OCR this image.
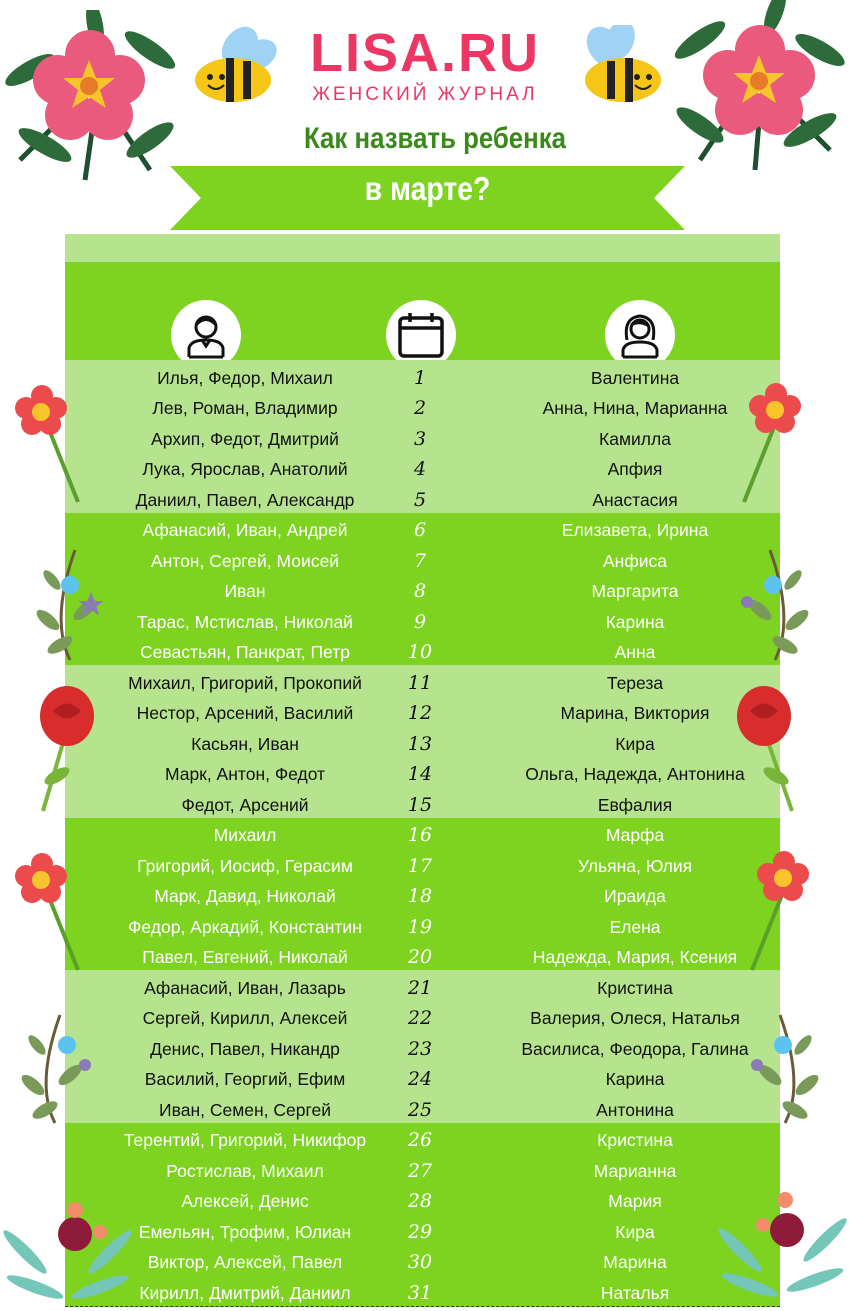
LISA.RU
ЖЕНСКИЙ ЖУРНАЛ
Как назвать ребенка
в марте?
Илья, Федор, Михаил	1	Валентина
Лев, Роман, Владимир	2	Анна, Нина, Марианна
Архип, Федот, Дмитрий	3	Камилла
Лука, Ярослав, Анатолий	4	Апфия
Даниил, Павел, Александр	5	Анастасия
Афанасий, Иван, Андрей	6	Елизавета, Ирина
Антон, Сергей, Моисей	7	Анфиса
Иван	8	Маргарита
Тарас, Мстислав, Николай	9	Карина
Севастьян, Панкрат, Петр	10	Анна
Михаил, Григорий, Прокопий	11	Тереза
Нестор, Арсений, Василий	12	Марина, Виктория
Касьян, Иван	13	Кира
Марк, Антон, Федот	14	Ольга, Надежда, Антонина
Федот, Арсений	15	Евфалия
Михаил	16	Марфа
Григорий, Иосиф, Герасим	17	Ульяна, Юлия
Марк, Давид, Николай	18	Ираида
Федор, Аркадий, Константин	19	Елена
Павел, Евгений, Николай	20	Надежда, Мария, Ксения
Афанасий, Иван, Лазарь	21	Кристина
Сергей, Кирилл, Алексей	22	Валерия, Олеся, Наталья
Денис, Павел, Никандр	23	Василиса, Феодора, Галина
Василий, Георгий, Ефим	24	Карина
Иван, Семен, Сергей	25	Антонина
Терентий, Григорий, Никифор	26	Кристина
Ростислав, Михаил	27	Марианна
Алексей, Денис	28	Мария
Емельян, Трофим, Юлиан	29	Кира
Виктор, Алексей, Павел	30	Марина
Кирилл, Дмитрий, Даниил	31	Наталья
